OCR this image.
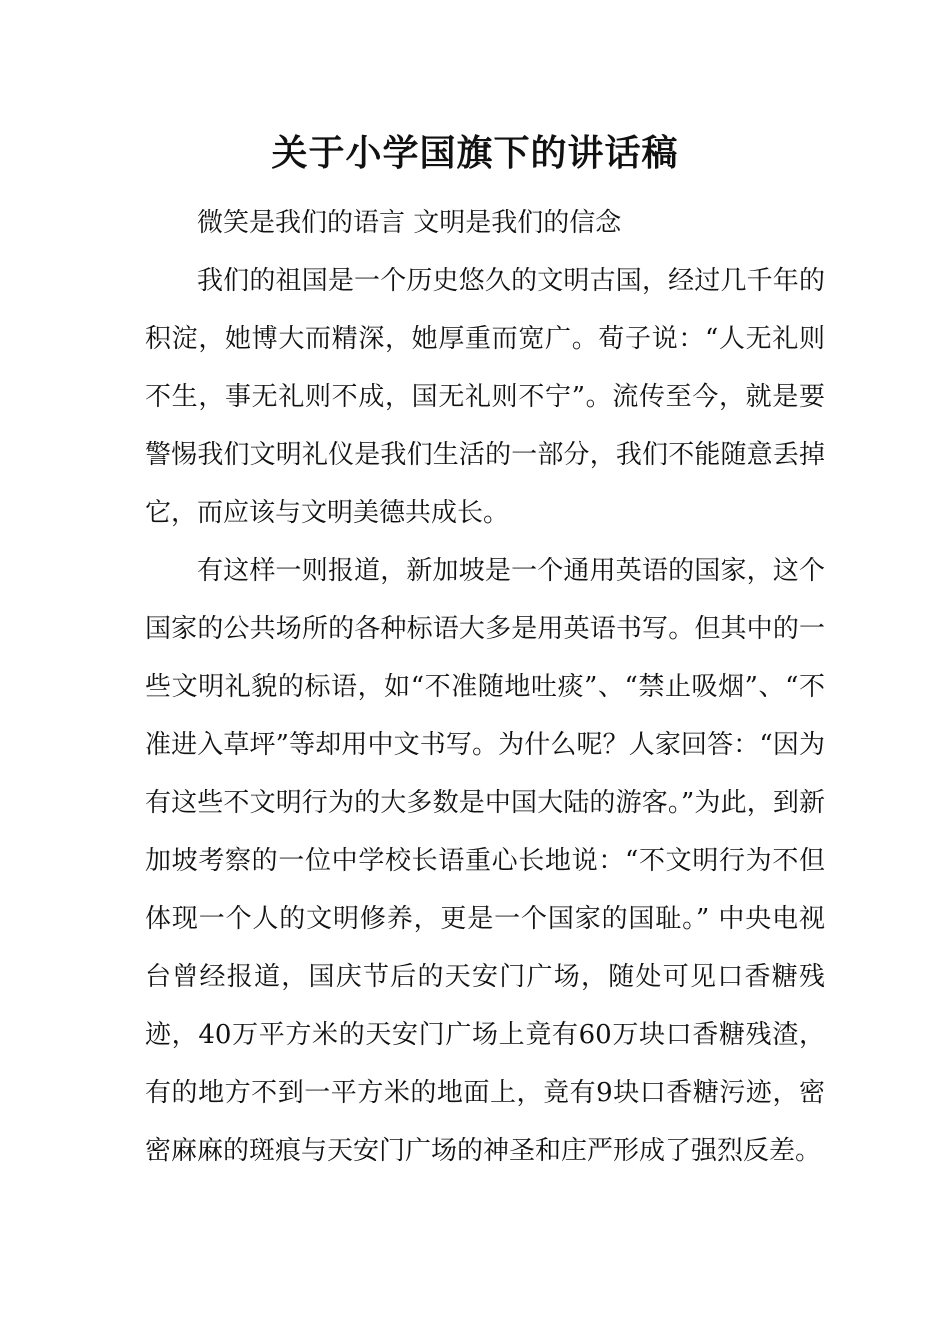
关于小学国旗下的讲话稿

微笑是我们的语言 文明是我们的信念

我们的祖国是一个历史悠久的文明古国，经过几千年的积淀，她博大而精深，她厚重而宽广。荀子说：“人无礼则不生，事无礼则不成，国无礼则不宁”。流传至今，就是要警惕我们文明礼仪是我们生活的一部分，我们不能随意丢掉它，而应该与文明美德共成长。

有这样一则报道，新加坡是一个通用英语的国家，这个国家的公共场所的各种标语大多是用英语书写。但其中的一些文明礼貌的标语，如“不准随地吐痰”、“禁止吸烟”、“不准进入草坪”等却用中文书写。为什么呢？人家回答：“因为有这些不文明行为的大多数是中国大陆的游客。”为此，到新加坡考察的一位中学校长语重心长地说：“不文明行为不但体现一个人的文明修养，更是一个国家的国耻。” 中央电视台曾经报道，国庆节后的天安门广场，随处可见口香糖残迹，40万平方米的天安门广场上竟有60万块口香糖残渣，有的地方不到一平方米的地面上，竟有9块口香糖污迹，密密麻麻的斑痕与天安门广场的神圣和庄严形成了强烈反差。
